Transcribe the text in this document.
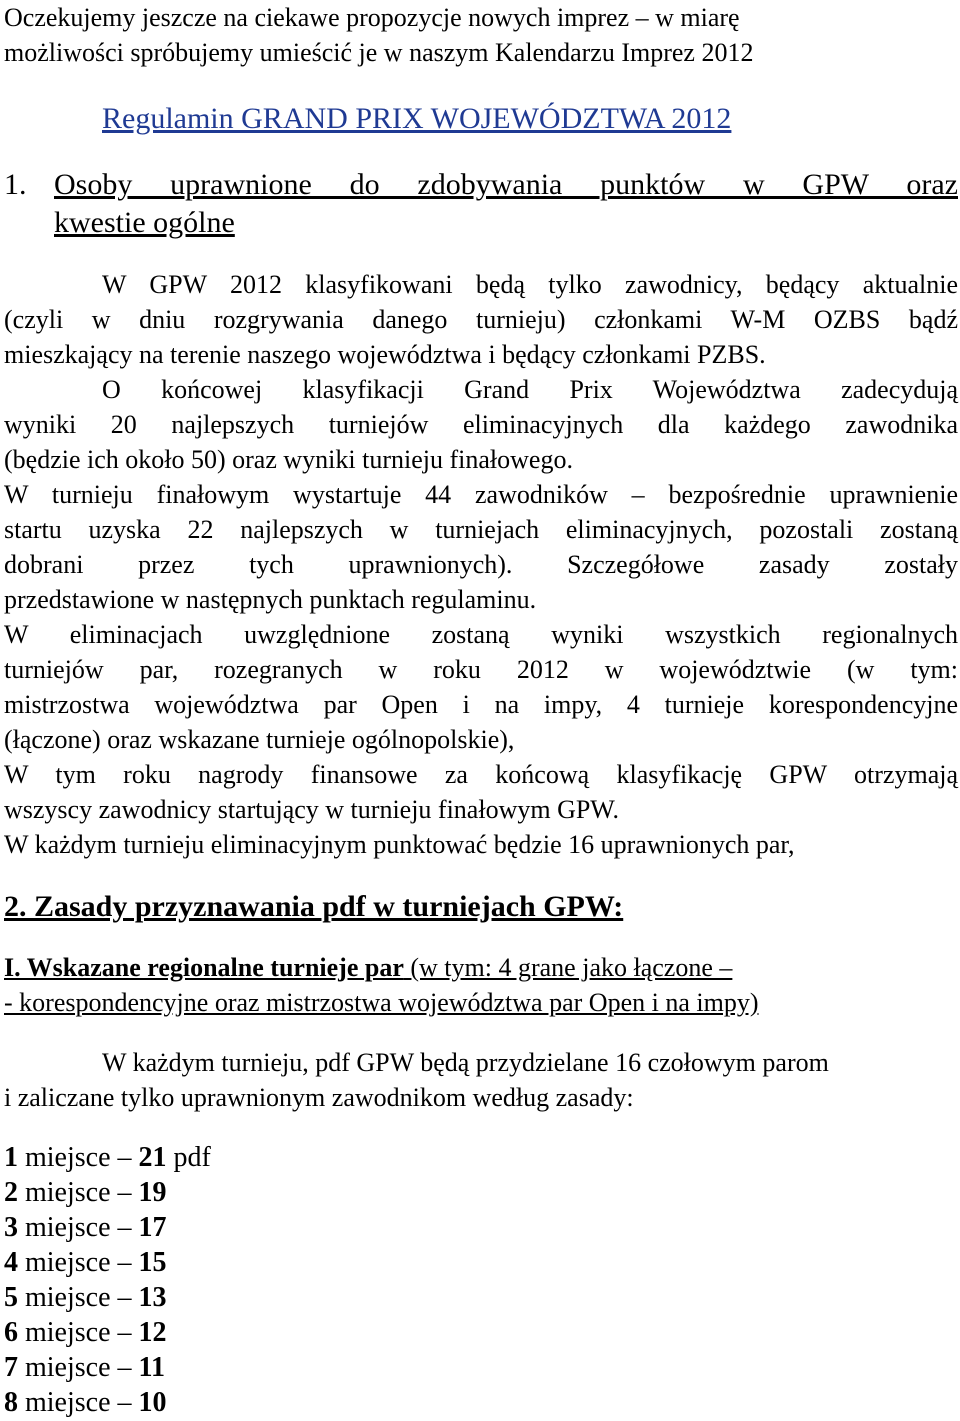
Oczekujemy jeszcze na ciekawe propozycje nowych imprez – w miarę
możliwości spróbujemy umieścić je w naszym Kalendarzu Imprez 2012
Regulamin GRAND PRIX WOJEWÓDZTWA 2012
1. Osoby uprawnione do zdobywania punktów w GPW oraz
kwestie ogólne
W GPW 2012 klasyfikowani będą tylko zawodnicy, będący aktualnie
(czyli w dniu rozgrywania danego turnieju) członkami W-M OZBS bądź
mieszkający na terenie naszego województwa i będący członkami PZBS.
O końcowej klasyfikacji Grand Prix Województwa zadecydują
wyniki 20 najlepszych turniejów eliminacyjnych dla każdego zawodnika
(będzie ich około 50) oraz wyniki turnieju finałowego.
W turnieju finałowym wystartuje 44 zawodników – bezpośrednie uprawnienie
startu uzyska 22 najlepszych w turniejach eliminacyjnych, pozostali zostaną
dobrani przez tych uprawnionych). Szczegółowe zasady zostały
przedstawione w następnych punktach regulaminu.
W eliminacjach uwzględnione zostaną wyniki wszystkich regionalnych
turniejów par, rozegranych w roku 2012 w województwie (w tym:
mistrzostwa województwa par Open i na impy, 4 turnieje korespondencyjne
(łączone) oraz wskazane turnieje ogólnopolskie),
W tym roku nagrody finansowe za końcową klasyfikację GPW otrzymają
wszyscy zawodnicy startujący w turnieju finałowym GPW.
W każdym turnieju eliminacyjnym punktować będzie 16 uprawnionych par,
2. Zasady przyznawania pdf w turniejach GPW:
I. Wskazane regionalne turnieje par (w tym: 4 grane jako łączone –
- korespondencyjne oraz mistrzostwa województwa par Open i na impy)
W każdym turnieju, pdf GPW będą przydzielane 16 czołowym parom
i zaliczane tylko uprawnionym zawodnikom według zasady:
1 miejsce – 21 pdf
2 miejsce – 19
3 miejsce – 17
4 miejsce – 15
5 miejsce – 13
6 miejsce – 12
7 miejsce – 11
8 miejsce – 10
